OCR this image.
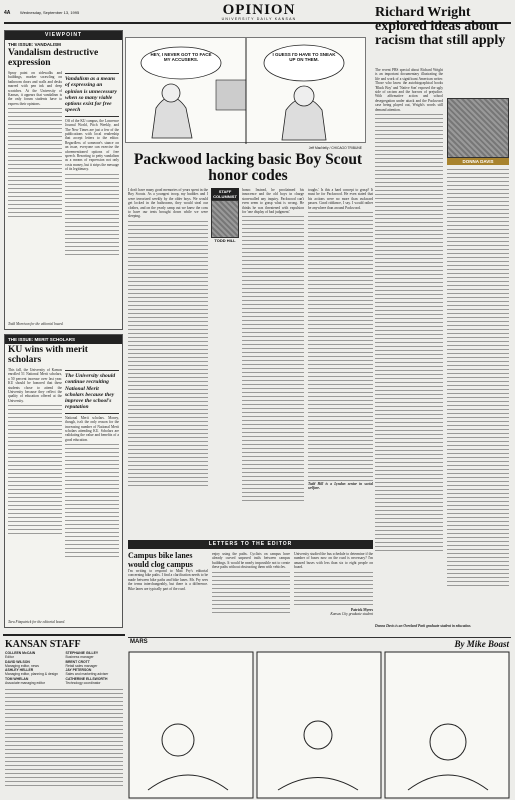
4A Wednesday, September 13, 1995	OPINION
UNIVERSITY DAILY KANSAN
VIEWPOINT
THE ISSUE: VANDALISM
Vandalism destructive expression
Spray paint on sidewalks and buildings, marker scrawling on bathroom doors and walls and desks marred with pen ink and deep scratches. At the University of Kansas, it appears that vandalism is the only forum students have to express their opinions.
Vandalism as a means of expressing an opinion is unnecessary when so many viable options exist for free speech
Off of the KU campus, the Lawrence Journal World, Pitch Weekly, and The New Times are just a few of the publications with local readership that accept letters to the editor. Regardless of someone's stance on an issue, everyone can exercise the aforementioned options of free speech. Resorting to petty vandalism as a means of expression not only costs money, but it strips the message of its legitimacy.
Todd Morrison for the editorial board.
THE ISSUE: MERIT SCHOLARS
KU wins with merit scholars
This fall, the University of Kansas enrolled 51 National Merit scholars, a 50 percent increase over last year. KU should be honored that these students chose to attend the University because they reflect the quality of education offered at the University.
The University should continue recruiting National Merit scholars because they improve the school's reputation
National Merit scholars. Money, though, isn't the only reason for the increasing number of National Merit scholars attending KU. Scholars are validating the value and benefits of a good education.
Tara Fitzpatrick for the editorial board.
HEY, I NEVER GOT TO FACE MY ACCUSERS.
I GUESS I'D HAVE TO SNEAK UP ON THEM.
Jeff MacNelly / CHICAGO TRIBUNE
Packwood lacking basic Boy Scout honor codes
I don't have many good memories of years spent in the Boy Scouts. As a youngest troop, my buddies and I were terrorized weekly by the older boys. We would get locked in the bathrooms, they would steal our clothes, and on the yearly camp out we knew the cons to have our tents brought down while we were sleeping.
STAFF COLUMNIST
TODD HILL
honor. Instead, he proclaimed his innocence and the old boys in charge stonewalled any inquiry. Packwood can't even seem to grasp what is wrong. He thinks he was threatened with expulsion for 'one display of bad judgment.'
toughs.' Is this a hard concept to grasp? It must be for Packwood. He even stated that his actions were no more than awkward passes. Good riddance, I say. I would rather be anywhere than around Packwood.
Todd Hill is a Lyndon senior in social welfare.
LETTERS TO THE EDITOR
Campus bike lanes would clog campus
I'm writing to respond to Matt Pry's editorial concerning bike paths. I find a clarification needs to be made between bike paths and bike lanes. Mr. Pry sees the terms interchangeably, but there is a difference. Bike lanes are typically part of the road.
enjoy using the paths. Cyclists on campus have already curved unpaved trails between campus buildings. It would be nearly impossible not to create these paths without obstructing them with vehicles.
University studied the bus schedule to determine if the number of buses now on the road is necessary? I'm amazed buses with less than six to eight people on board.
Patrick Myers
Kansas City graduate student
Richard Wright explored ideas about racism that still apply
The recent PBS special about Richard Wright is an important documentary illustrating the life and work of a significant American writer. Those who know the autobiographical books 'Black Boy' and 'Native Son' exposed the ugly side of racism and the horrors of prejudice. With affirmative action and school desegregation under attack and the Packwood case being played out, Wright's words still demand attention.
DONNA DAVIS
Donna Davis is an Overland Park graduate student in education.
KANSAN STAFF
COLLEEN McCAIN
Editor
DAVID WILSON
Managing editor, news
ASHLEY HELLER
Managing editor, planning & design
TOM WHELAN
Associate managing editor
STEPHANIE GILLEY
Business manager
BRENT CROTT
Retail sales manager
JAY PETERSON
Sales and marketing adviser
CATHERINE ELLSWORTH
Technology coordinator
MARS	By Mike Boast
